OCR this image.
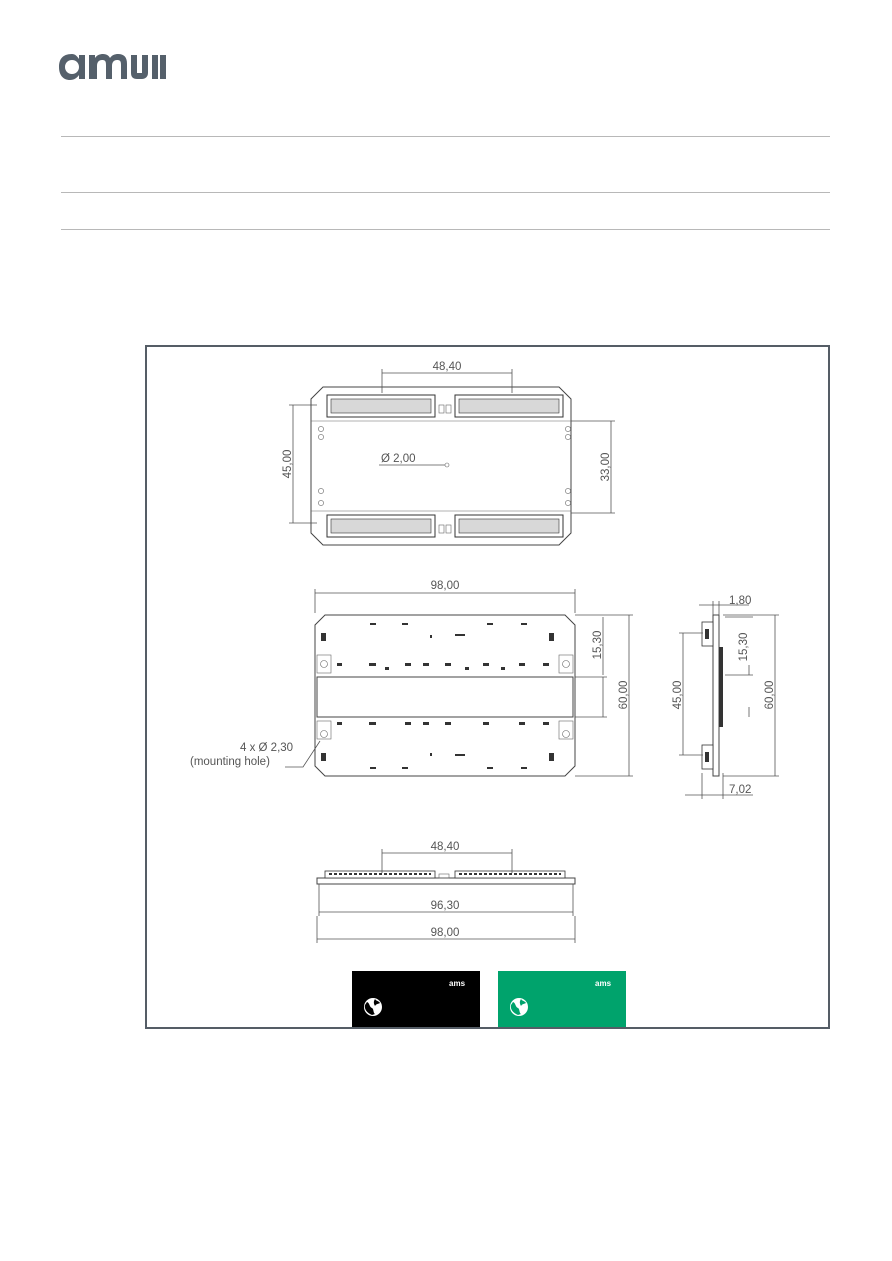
48,40
45,00	33,00
Ø 2,00
98,00
15,30
60,00
4 x Ø 2,30
(mounting hole)
1,80
15,30
45,00	60,00
7,02
48,40
96,30
98,00
ams	ams
